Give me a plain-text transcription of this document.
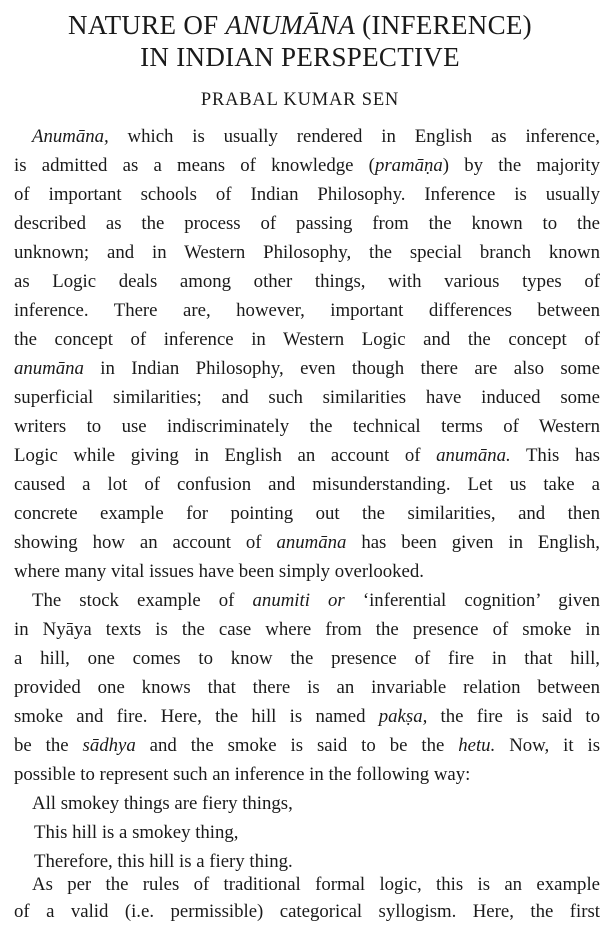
NATURE OF ANUMĀNA (INFERENCE)
IN INDIAN PERSPECTIVE
PRABAL KUMAR SEN
Anumāna, which is usually rendered in English as inference,
is admitted as a means of knowledge (pramāṇa) by the majority
of important schools of Indian Philosophy. Inference is usually
described as the process of passing from the known to the
unknown; and in Western Philosophy, the special branch known
as Logic deals among other things, with various types of
inference. There are, however, important differences between
the concept of inference in Western Logic and the concept of
anumāna in Indian Philosophy, even though there are also some
superficial similarities; and such similarities have induced some
writers to use indiscriminately the technical terms of Western
Logic while giving in English an account of anumāna. This has
caused a lot of confusion and misunderstanding. Let us take a
concrete example for pointing out the similarities, and then
showing how an account of anumāna has been given in English,
where many vital issues have been simply overlooked.
The stock example of anumiti or ‘inferential cognition’ given
in Nyāya texts is the case where from the presence of smoke in
a hill, one comes to know the presence of fire in that hill,
provided one knows that there is an invariable relation between
smoke and fire. Here, the hill is named pakṣa, the fire is said to
be the sādhya and the smoke is said to be the hetu. Now, it is
possible to represent such an inference in the following way:
All smokey things are fiery things,
This hill is a smokey thing,
Therefore, this hill is a fiery thing.
As per the rules of traditional formal logic, this is an example
of a valid (i.e. permissible) categorical syllogism. Here, the first
